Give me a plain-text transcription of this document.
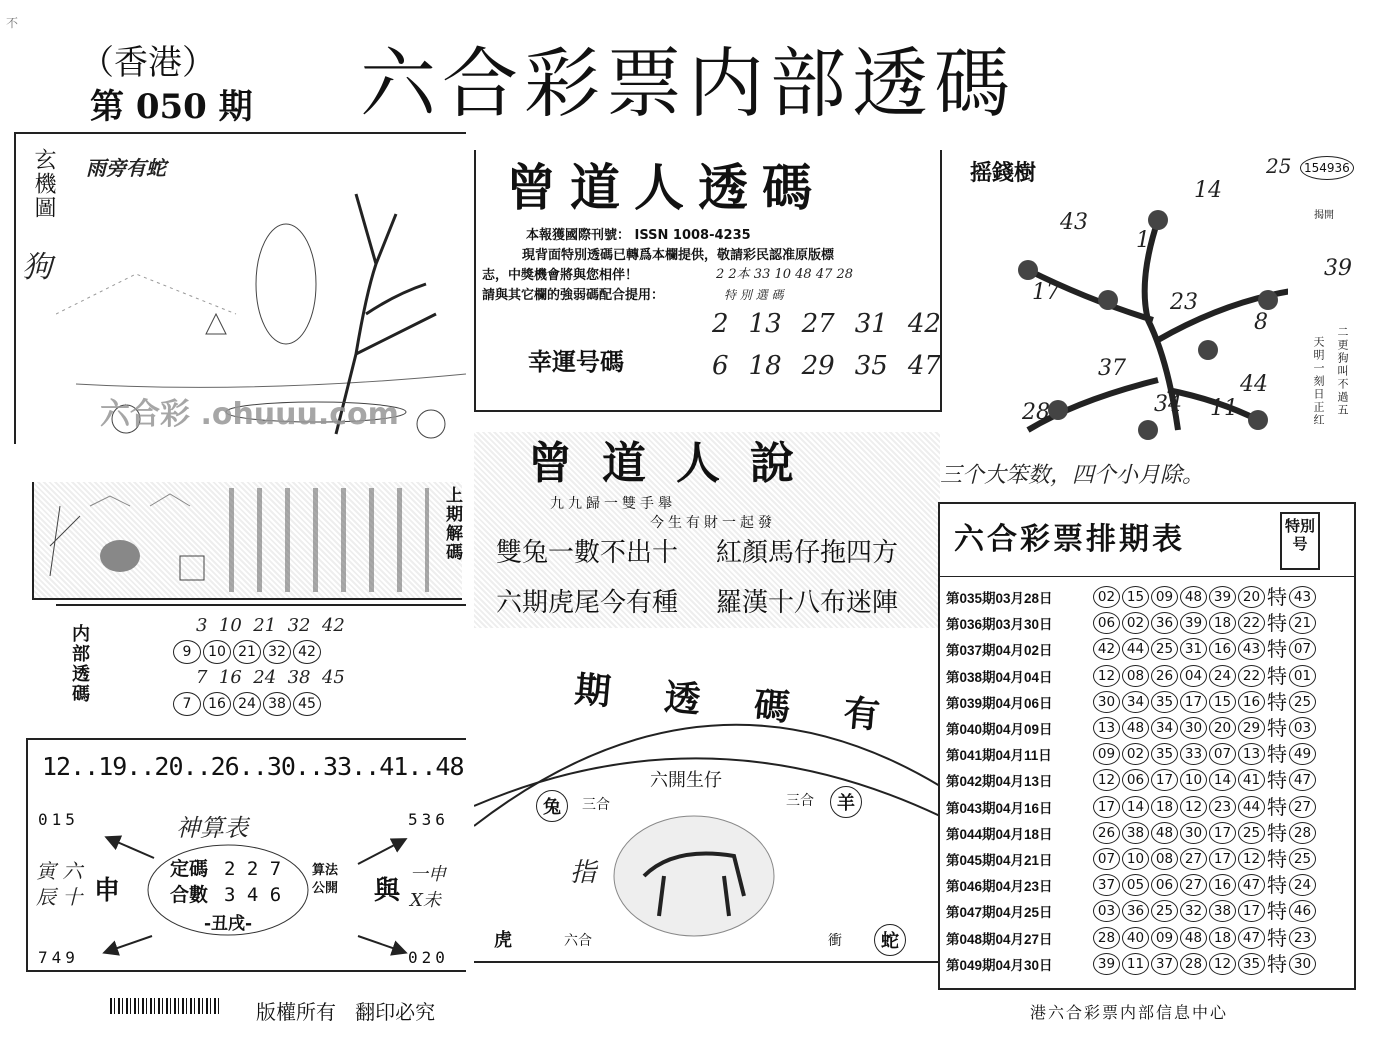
不
（香港）
第 050 期 六合彩票内部透碼
玄機圖 雨旁有蛇
狗
曾道人透碼
本報獲國際刊號： ISSN 1008-4235
現背面特別透碼已轉爲本欄提供，敬請彩民認准原版標
志，中獎機會將與您相伴！
請與其它欄的強弱碼配合提用：
2 2本 33 10 48 47 28
特 別 選 碼
幸運号碼
2 13 27 31 42
6 18 29 35 47
摇錢樹	25	154936
揭開
14
43
1
39
17	23
8
37
44
28	34 11	二更狗叫不過五
天明一刻日正红
三个大笨数，四个小月除。
上期解碼
内部透碼	3  10  21  32  42
9 10 21 32 42
7  16  24  38  45
7 16 24 38 45
曾道人說
九九歸一雙手舉
今生有財一起發
雙兔一數不出十 紅顏馬仔拖四方
六期虎尾今有種 羅漢十八布迷陣
12..19..20..26..30..33..41..48
神算表
015	536
749	020
定碼 2 2 7
合數 3 4 6
算法公開
-丑戌-
申	與
寅 六 辰 十
一申 X未
期透碼有
六開生仔
兔	三合	三合	羊
指
虎	六合	衝	蛇
六合彩票排期表	特別号
第035期03月28日	02 15 09 48 39 20 特 43
第036期03月30日	06 02 36 39 18 22 特 21
第037期04月02日	42 44 25 31 16 43 特 07
第038期04月04日	12 08 26 04 24 22 特 01
第039期04月06日	30 34 35 17 15 16 特 25
第040期04月09日	13 48 34 30 20 29 特 03
第041期04月11日	09 02 35 33 07 13 特 49
第042期04月13日	12 06 17 10 14 41 特 47
第043期04月16日	17 14 18 12 23 44 特 27
第044期04月18日	26 38 48 30 17 25 特 28
第045期04月21日	07 10 08 27 17 12 特 25
第046期04月23日	37 05 06 27 16 47 特 24
第047期04月25日	03 36 25 32 38 17 特 46
第048期04月27日	28 40 09 48 18 47 特 23
第049期04月30日	39 11 37 28 12 35 特 30
版權所有   翻印必究	港六合彩票内部信息中心
六合彩 .ohuuu.com
